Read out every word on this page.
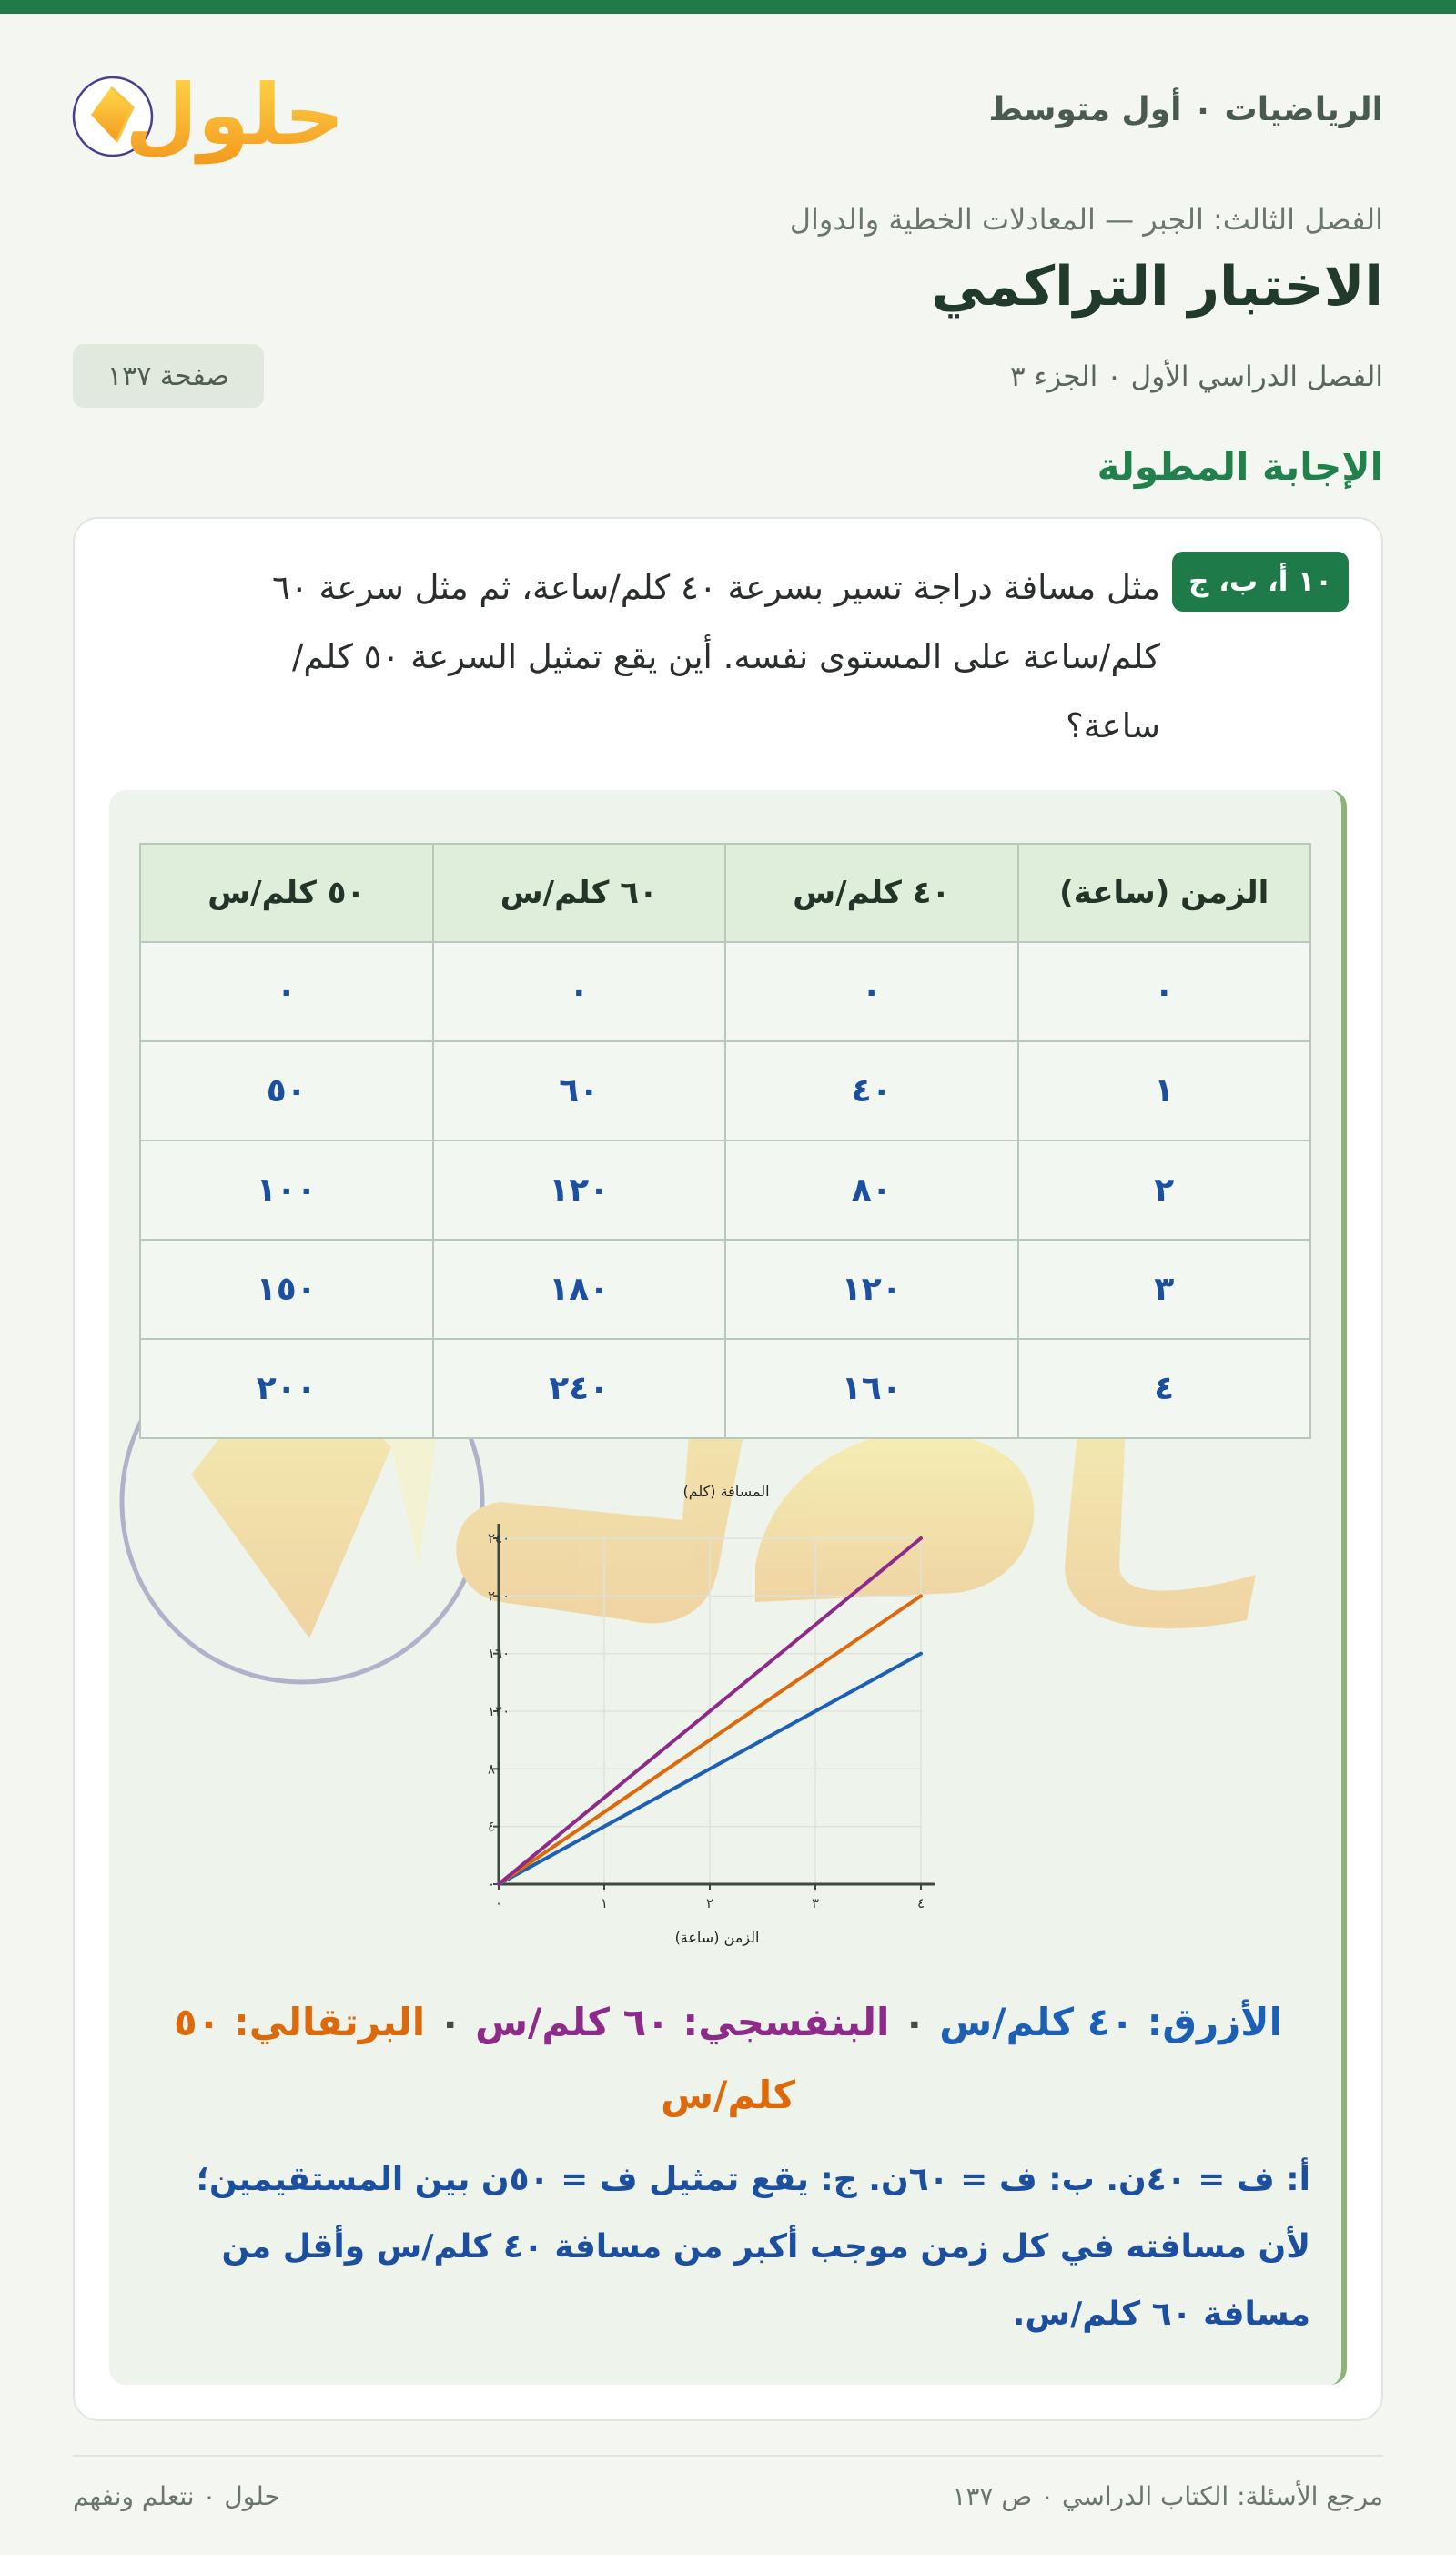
حلول	الرياضيات ٠ أول متوسط
الفصل الثالث: الجبر — المعادلات الخطية والدوال
الاختبار التراكمي
الفصل الدراسي الأول ٠ الجزء ٣
صفحة ١٣٧
الإجابة المطولة
١٠ أ، ب، ج

مثل مسافة دراجة تسير بسرعة ٤٠ كلم/ساعة، ثم مثل سرعة ٦٠ كلم/ساعة على المستوى نفسه. أين يقع تمثيل السرعة ٥٠ كلم/ ساعة؟

الزمن (ساعة)	٤٠ كلم/س	٦٠ كلم/س	٥٠ كلم/س
٠	٠	٠	٠
١	٤٠	٦٠	٥٠
٢	٨٠	١٢٠	١٠٠
٣	١٢٠	١٨٠	١٥٠
٤	١٦٠	٢٤٠	٢٠٠
٠
٤٠
٨٠
١٢٠
١٦٠
٢٠٠
٢٤٠
٠	١	٢	٣	٤
المسافة (كلم)
الزمن (ساعة)

الأزرق: ٤٠ كلم/س ٠ البنفسجي: ٦٠ كلم/س ٠ البرتقالي: ٥٠ كلم/س

أ: ف = ٤٠ن. ب: ف = ٦٠ن. ج: يقع تمثيل ف = ٥٠ن بين المستقيمين؛ لأن مسافته في كل زمن موجب أكبر من مسافة ٤٠ كلم/س وأقل من مسافة ٦٠ كلم/س.

مرجع الأسئلة: الكتاب الدراسي ٠ ص ١٣٧
حلول ٠ نتعلم ونفهم
